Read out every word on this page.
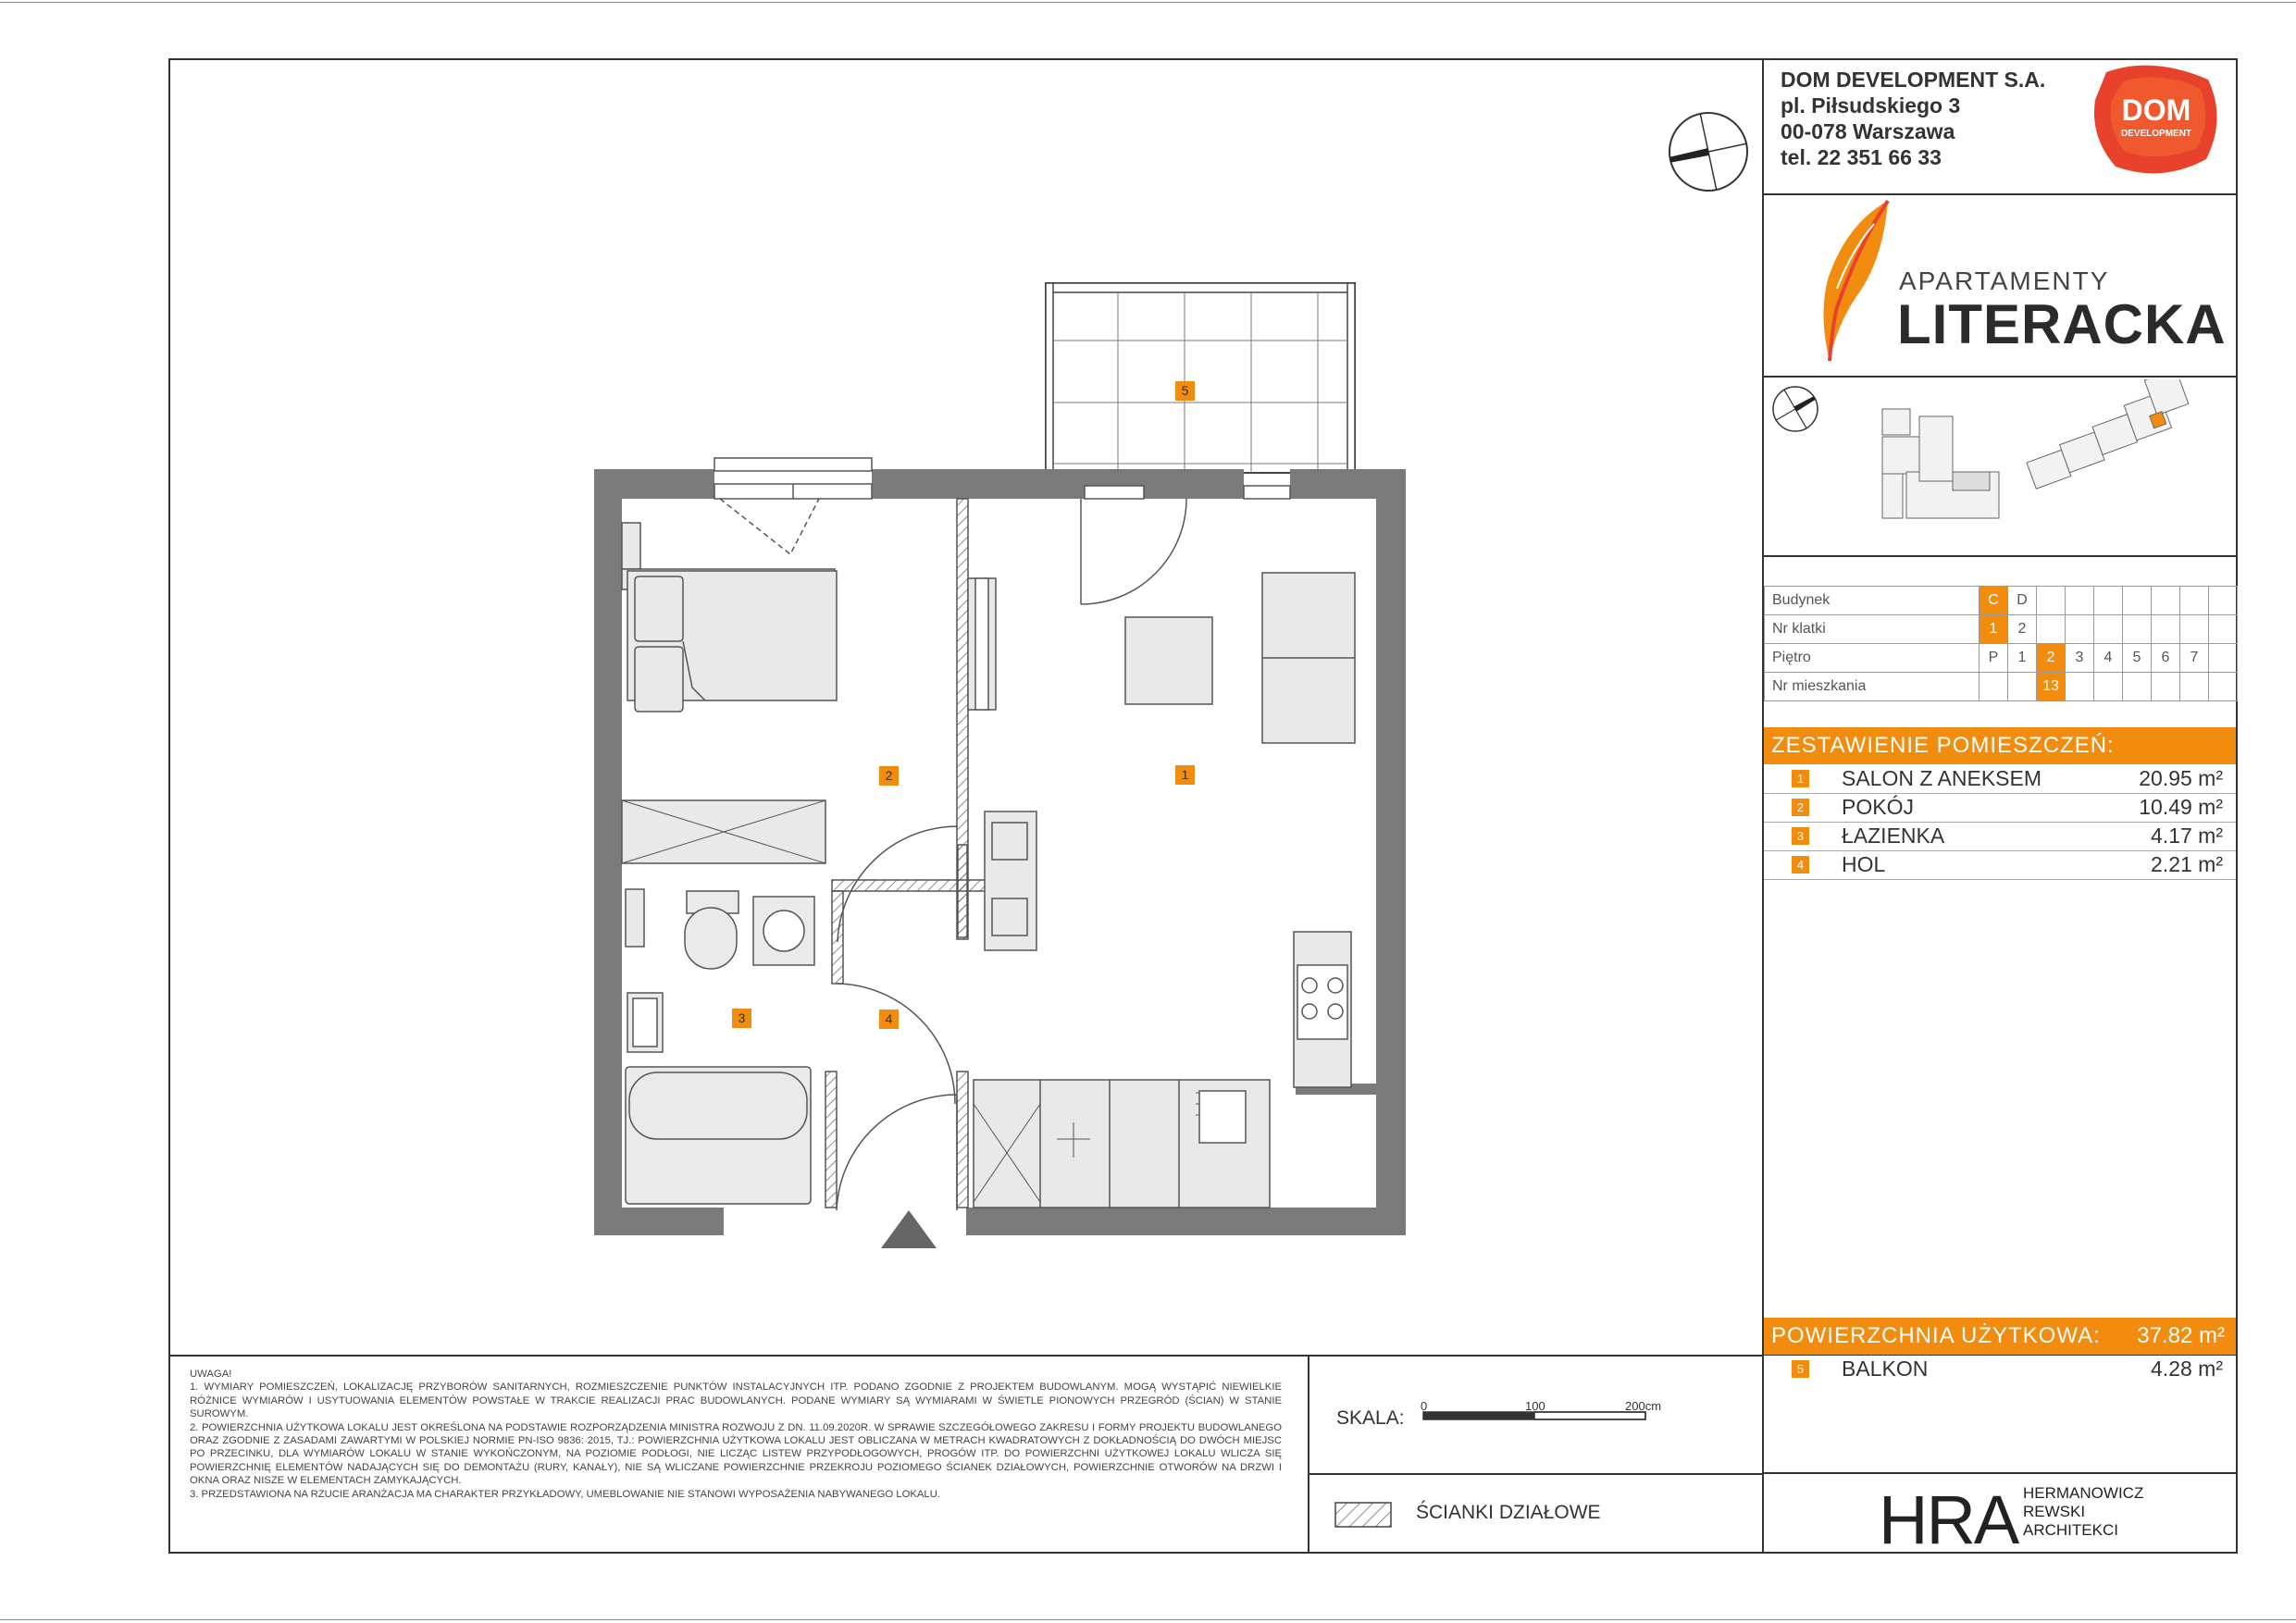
1
2
3	4
5
DOM DEVELOPMENT S.A.
pl. Piłsudskiego 3
00-078 Warszawa
tel. 22 351 66 33
DOM
DEVELOPMENT
APARTAMENTY
LITERACKA
Budynek	C	D							
Nr klatki	1	2							
Piętro	P	1	2	3	4	5	6	7	
Nr mieszkania			13						
ZESTAWIENIE POMIESZCZEŃ:
1 SALON Z ANEKSEM	20.95 m²
2 POKÓJ	10.49 m²
3 ŁAZIENKA	4.17 m²
4 HOL	2.21 m²
POWIERZCHNIA UŻYTKOWA: 37.82 m²
5 BALKON	4.28 m²

UWAGA!

1. WYMIARY POMIESZCZEŃ, LOKALIZACJĘ PRZYBORÓW SANITARNYCH, ROZMIESZCZENIE PUNKTÓW INSTALACYJNYCH ITP. PODANO ZGODNIE Z PROJEKTEM BUDOWLANYM. MOGĄ WYSTĄPIĆ NIEWIELKIE RÓŻNICE WYMIARÓW I USYTUOWANIA ELEMENTÓW POWSTAŁE W TRAKCIE REALIZACJI PRAC BUDOWLANYCH. PODANE WYMIARY SĄ WYMIARAMI W ŚWIETLE PIONOWYCH PRZEGRÓD (ŚCIAN) W STANIE SUROWYM.

2. POWIERZCHNIA UŻYTKOWA LOKALU JEST OKREŚLONA NA PODSTAWIE ROZPORZĄDZENIA MINISTRA ROZWOJU Z DN. 11.09.2020R. W SPRAWIE SZCZEGÓŁOWEGO ZAKRESU I FORMY PROJEKTU BUDOWLANEGO ORAZ ZGODNIE Z ZASADAMI ZAWARTYMI W POLSKIEJ NORMIE PN-ISO 9836: 2015, TJ.: POWIERZCHNIA UŻYTKOWA LOKALU JEST OBLICZANA W METRACH KWADRATOWYCH Z DOKŁADNOŚCIĄ DO DWÓCH MIEJSC PO PRZECINKU, DLA WYMIARÓW LOKALU W STANIE WYKOŃCZONYM, NA POZIOMIE PODŁOGI, NIE LICZĄC LISTEW PRZYPODŁOGOWYCH, PROGÓW ITP. DO POWIERZCHNI UŻYTKOWEJ LOKALU WLICZA SIĘ POWIERZCHNIĘ ELEMENTÓW NADAJĄCYCH SIĘ DO DEMONTAŻU (RURY, KANAŁY), NIE SĄ WLICZANE POWIERZCHNIE PRZEKROJU POZIOMEGO ŚCIANEK DZIAŁOWYCH, POWIERZCHNIE OTWORÓW NA DRZWI I OKNA ORAZ NISZE W ELEMENTACH ZAMYKAJĄCYCH.

3. PRZEDSTAWIONA NA RZUCIE ARANŻACJA MA CHARAKTER PRZYKŁADOWY, UMEBLOWANIE NIE STANOWI WYPOSAŻENIA NABYWANEGO LOKALU.

SKALA:
0	100	200cm
ŚCIANKI DZIAŁOWE	HRA HERMANOWICZ
REWSKI
ARCHITEKCI
